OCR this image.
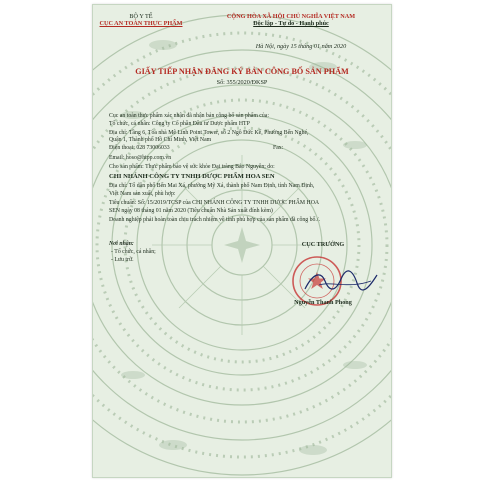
BỘ Y TẾ
CỤC AN TOÀN THỰC PHẨM
CỘNG HÒA XÃ HỘI CHỦ NGHĨA VIỆT NAM
Độc lập - Tự do - Hạnh phúc
Hà Nội, ngày 15 tháng 01 năm 2020
GIẤY TIẾP NHẬN ĐĂNG KÝ BẢN CÔNG BỐ SẢN PHẨM
Số: 355/2020/ĐKSP
Cục an toàn thực phẩm xác nhận đã nhận bản công bố sản phẩm của:
Tổ chức, cá nhân: Công ty Cổ phần Đầu tư Dược phẩm HTP
Địa chỉ: Tầng 6, Tòa nhà Mê Linh Point Tower, số 2 Ngô Đức Kế, Phường Bến Nghé,
Quận 1, Thành phố Hồ Chí Minh, Việt Nam
Điện thoại: 028 73006033	Fax:
Email: hoso@htpp.com.vn
Cho sản phẩm: Thực phẩm bảo vệ sức khỏe Đại tràng Bảo Nguyên; do:
CHI NHÁNH CÔNG TY TNHH DƯỢC PHẨM HOA SEN
Địa chỉ: Tổ dân phố Bến Mai Xá, phường Mỹ Xá, thành phố Nam Định, tỉnh Nam Định,
Việt Nam sản xuất, phù hợp:
Tiêu chuẩn: Số: 15/2019/TCSP của CHI NHÁNH CÔNG TY TNHH DƯỢC PHẨM HOA
SEN ngày 08 tháng 01 năm 2020 (Tiêu chuẩn Nhà Sản xuất đính kèm)
Doanh nghiệp phải hoàn toàn chịu trách nhiệm về tính phù hợp của sản phẩm đã công bố./.
Nơi nhận:
- Tổ chức, cá nhân;
- Lưu trữ.
CỤC TRƯỞNG
Nguyễn Thanh Phong
